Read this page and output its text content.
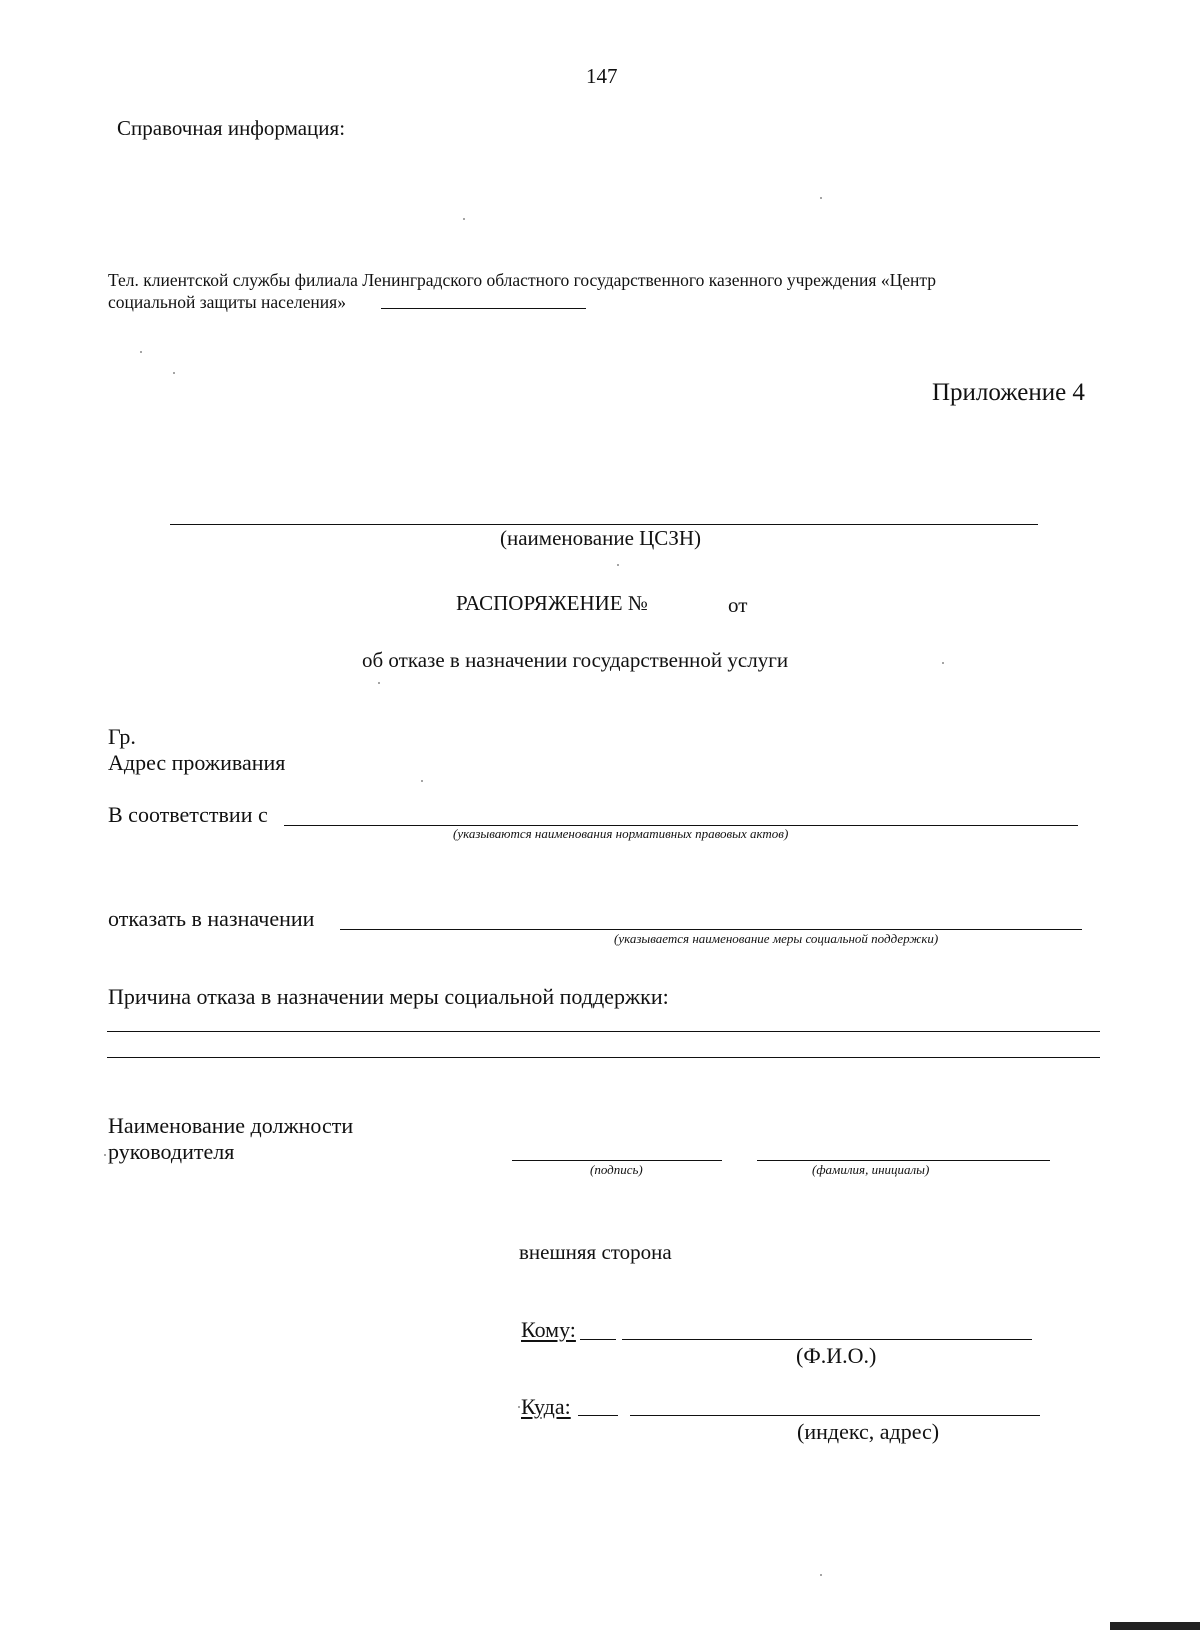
147
Справочная информация:
Тел. клиентской службы филиала Ленинградского областного государственного казенного учреждения «Центр
социальной защиты населения»
Приложение 4
(наименование ЦСЗН)
РАСПОРЯЖЕНИЕ №	от
об отказе в назначении государственной услуги
Гр.
Адрес проживания
В соответствии с
(указываются наименования нормативных правовых актов)
отказать в назначении
(указывается наименование меры социальной поддержки)
Причина отказа в назначении меры социальной поддержки:
Наименование должности
руководителя
(подпись)	(фамилия, инициалы)
внешняя сторона
Кому:
(Ф.И.О.)
Куда:
(индекс, адрес)
